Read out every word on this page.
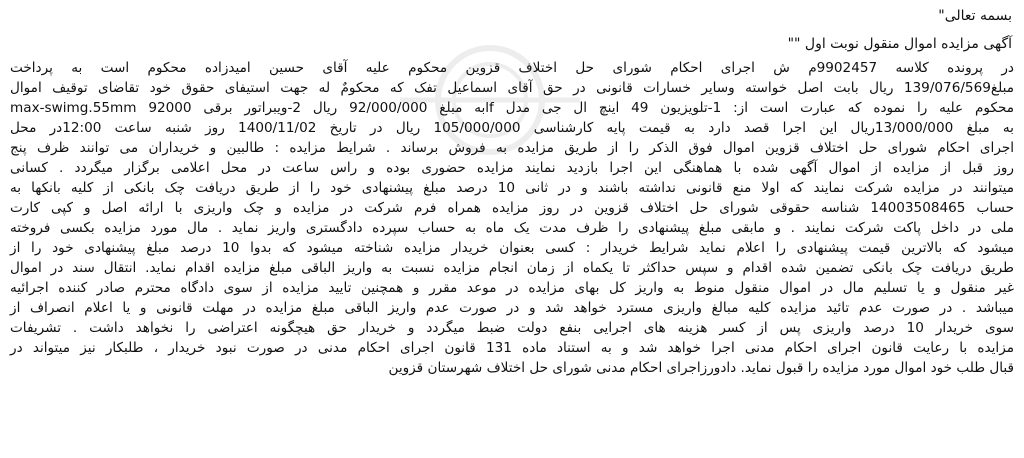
بسمه تعالی"
آگهی مزایده اموال منقول نوبت اول ""
در پرونده کلاسه 9902457م ش اجرای احکام شورای حل اختلاف قزوین محکوم علیه آقای حسین امیدزاده محکوم است به پرداخت
مبلغ139/076/569 ریال بابت اصل خواسته وسایر خسارات قانونی در حق آقای اسماعیل تفک که محکومٌ له جهت استیفای حقوق خود تقاضای توقیف اموال
max-swimg.55mm به مبلغ 92/000/000 ریال 2-ویبراتور برقی 92000lf محکوم علیه را نموده که عبارت است از: 1-تلویزیون 49 اینچ ال جی مدل
به مبلغ 13/000/000ریال این اجرا قصد دارد به قیمت پایه کارشناسی 105/000/000 ریال در تاریخ 1400/11/02 روز شنبه ساعت 12:00در محل
اجرای احکام شورای حل اختلاف قزوین اموال فوق الذکر را از طریق مزایده به فروش برساند . شرایط مزایده : طالبین و خریداران می توانند ظرف پنج
روز قبل از مزایده از اموال آگهی شده با هماهنگی این اجرا بازدید نمایند مزایده حضوری بوده و راس ساعت در محل اعلامی برگزار میگردد . کسانی
میتوانند در مزایده شرکت نمایند که اولا منع قانونی نداشته باشند و در ثانی 10 درصد مبلغ پیشنهادی خود را از طریق دریافت چک بانکی از کلیه بانکها به
حساب 14003508465 شناسه حقوقی شورای حل اختلاف قزوین در روز مزایده همراه فرم شرکت در مزایده و چک واریزی با ارائه اصل و کپی کارت
ملی در داخل پاکت شرکت نمایند . و مابقی مبلغ پیشنهادی را ظرف مدت یک ماه به حساب سپرده دادگستری واریز نماید . مال مورد مزایده بکسی فروخته
میشود که بالاترین قیمت پیشنهادی را اعلام نماید شرایط خریدار : کسی بعنوان خریدار مزایده شناخته میشود که بدوا 10 درصد مبلغ پیشنهادی خود را از
طریق دریافت چک بانکی تضمین شده اقدام و سپس حداکثر تا یکماه از زمان انجام مزایده نسبت به واریز الباقی مبلغ مزایده اقدام نماید. انتقال سند در اموال
غیر منقول و یا تسلیم مال در اموال منقول منوط به واریز کل بهای مزایده در موعد مقرر و همچنین تایید مزایده از سوی دادگاه محترم صادر کننده اجرائیه
میباشد . در صورت عدم تائید مزایده کلیه مبالغ واریزی مسترد خواهد شد و در صورت عدم واریز الباقی مبلغ مزایده در مهلت قانونی و یا اعلام انصراف از
سوی خریدار 10 درصد واریزی پس از کسر هزینه های اجرایی بنفع دولت ضبط میگردد و خریدار حق هیچگونه اعتراضی را نخواهد داشت . تشریفات
مزایده با رعایت قانون اجرای احکام مدنی اجرا خواهد شد و به استناد ماده 131 قانون اجرای احکام مدنی در صورت نبود خریدار ، طلبکار نیز میتواند در
قبال طلب خود اموال مورد مزایده را قبول نماید. دادورزاجرای احکام مدنی شورای حل اختلاف شهرستان قزوین
